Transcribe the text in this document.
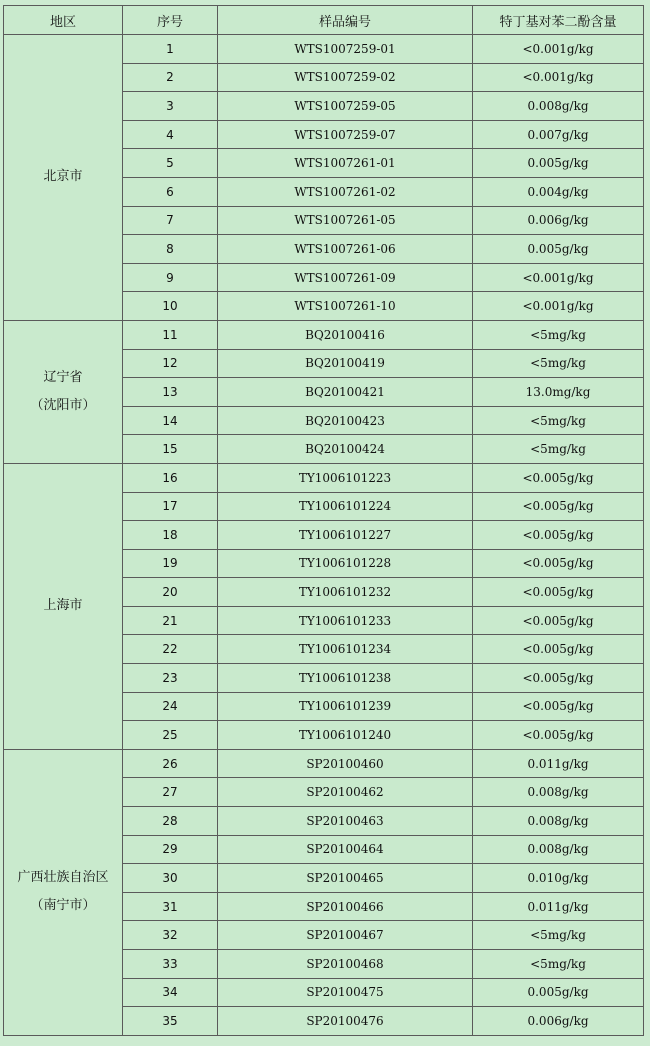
地区	序号	样品编号	特丁基对苯二酚含量

北京市	1	WTS1007259-01	<0.001g/kg

	2	WTS1007259-02	<0.001g/kg

	3	WTS1007259-05	0.008g/kg

	4	WTS1007259-07	0.007g/kg

	5	WTS1007261-01	0.005g/kg

	6	WTS1007261-02	0.004g/kg

	7	WTS1007261-05	0.006g/kg

	8	WTS1007261-06	0.005g/kg

	9	WTS1007261-09	<0.001g/kg

	10	WTS1007261-10	<0.001g/kg

辽宁省
（沈阳市）	11	BQ20100416	<5mg/kg

	12	BQ20100419	<5mg/kg

	13	BQ20100421	13.0mg/kg

	14	BQ20100423	<5mg/kg

	15	BQ20100424	<5mg/kg

上海市	16	TY1006101223	<0.005g/kg

	17	TY1006101224	<0.005g/kg

	18	TY1006101227	<0.005g/kg

	19	TY1006101228	<0.005g/kg

	20	TY1006101232	<0.005g/kg

	21	TY1006101233	<0.005g/kg

	22	TY1006101234	<0.005g/kg

	23	TY1006101238	<0.005g/kg

	24	TY1006101239	<0.005g/kg

	25	TY1006101240	<0.005g/kg

广西壮族自治区
（南宁市）	26	SP20100460	0.011g/kg

	27	SP20100462	0.008g/kg

	28	SP20100463	0.008g/kg

	29	SP20100464	0.008g/kg

	30	SP20100465	0.010g/kg

	31	SP20100466	0.011g/kg

	32	SP20100467	<5mg/kg

	33	SP20100468	<5mg/kg

	34	SP20100475	0.005g/kg

	35	SP20100476	0.006g/kg
